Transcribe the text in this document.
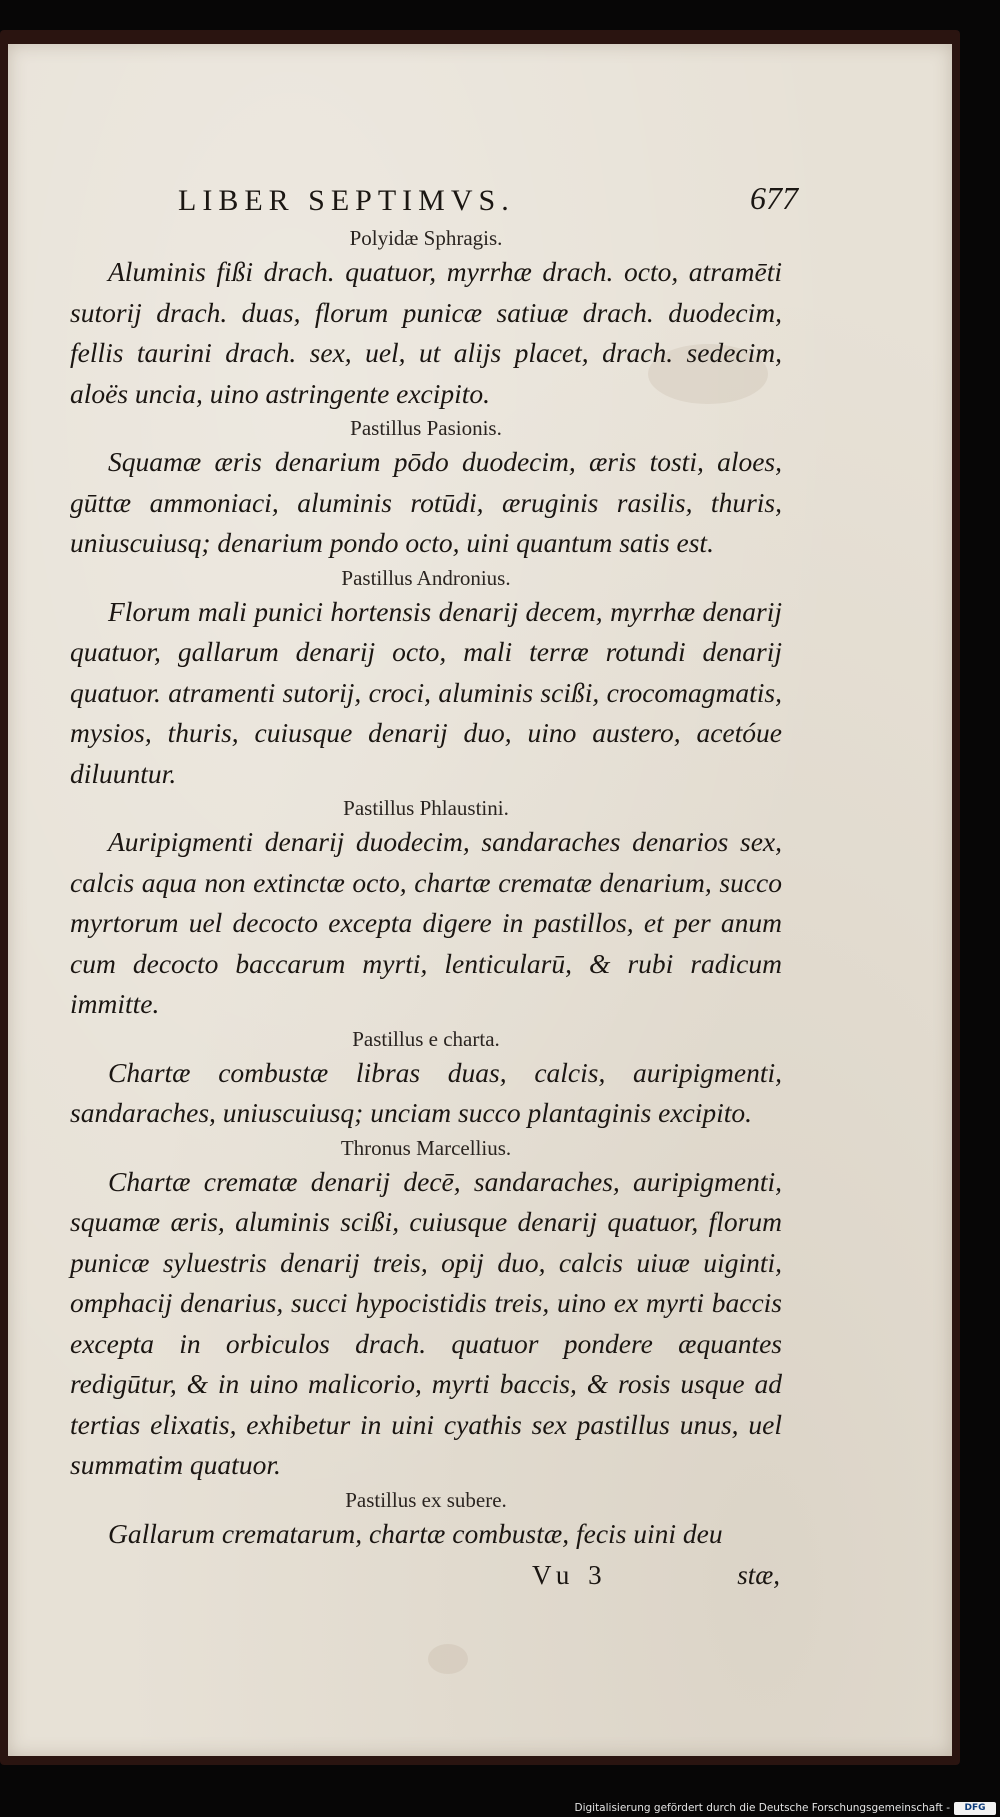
LIBER SEPTIMVS.	677
Polyidæ Sphragis.

Aluminis fißi drach. quatuor, myrrhæ drach. octo, atramēti sutorij drach. duas, florum punicæ satiuæ drach. duodecim, fellis taurini drach. sex, uel, ut alijs placet, drach. sedecim, aloës uncia, uino astringente excipito.

Pastillus Pasionis.

Squamæ æris denarium pōdo duodecim, æris tosti, aloes, gūttæ ammoniaci, aluminis rotūdi, æruginis rasilis, thuris, uniuscuiusq; denarium pondo octo, uini quantum satis est.

Pastillus Andronius.

Florum mali punici hortensis denarij decem, myrrhæ denarij quatuor, gallarum denarij octo, mali terræ rotundi denarij quatuor. atramenti sutorij, croci, aluminis scißi, crocomagmatis, mysios, thuris, cuiusque denarij duo, uino austero, acetóue diluuntur.

Pastillus Phlaustini.

Auripigmenti denarij duodecim, sandaraches denarios sex, calcis aqua non extinctæ octo, chartæ crematæ denarium, succo myrtorum uel decocto excepta digere in pastillos, et per anum cum decocto baccarum myrti, lenticularū, & rubi radicum immitte.

Pastillus e charta.

Chartæ combustæ libras duas, calcis, auripigmenti, sandaraches, uniuscuiusq; unciam succo plantaginis excipito.

Thronus Marcellius.

Chartæ crematæ denarij decē, sandaraches, auripigmenti, squamæ æris, aluminis scißi, cuiusque denarij quatuor, florum punicæ syluestris denarij treis, opij duo, calcis uiuæ uiginti, omphacij denarius, succi hypocistidis treis, uino ex myrti baccis excepta in orbiculos drach. quatuor pondere æquantes redigūtur, & in uino malicorio, myrti baccis, & rosis usque ad tertias elixatis, exhibetur in uini cyathis sex pastillus unus, uel summatim quatuor.

Pastillus ex subere.

Gallarum crematarum, chartæ combustæ, fecis uini deu

Vu 3	stæ,
Digitalisierung gefördert durch die Deutsche Forschungsgemeinschaft -	DFG
